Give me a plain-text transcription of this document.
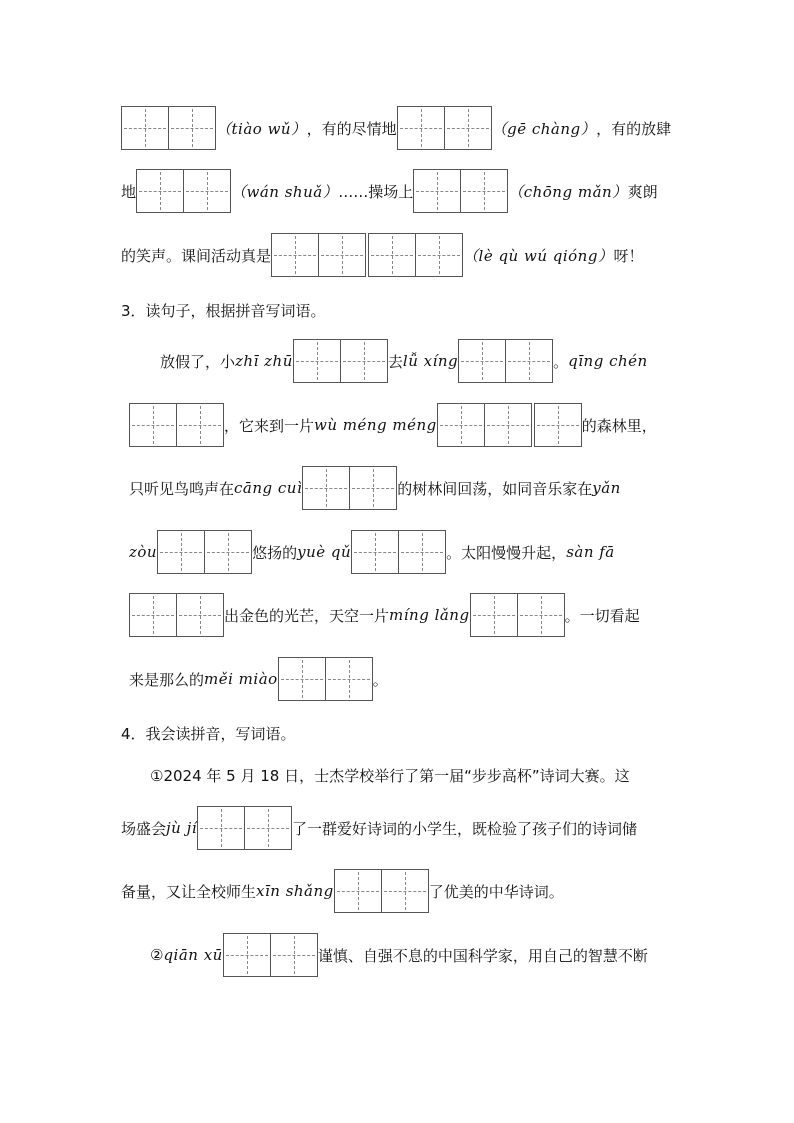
（tiào wǔ） ，有的尽情地	（gē chàng） ，有的放肆
地	（wán shuǎ） ……操场上	（chōng mǎn） 爽朗
的笑声。课间活动真是	（lè qù wú qióng） 呀！
3．读句子，根据拼音写词语。
放假了，小 zhī zhū	去 lǚ xíng	。 qīng chén
，它来到一片 wù méng méng	的森林里，
只听见鸟鸣声在 cāng cuì	的树林间回荡，如同音乐家在 yǎn
zòu	悠扬的 yuè qǔ	。太阳慢慢升起， sàn fā
出金色的光芒，天空一片 míng lǎng	。一切看起
来是那么的 měi miào	。
4．我会读拼音，写词语。
①2024 年 5 月 18 日，士杰学校举行了第一届“步步高杯”诗词大赛。这
场盛会 jù jí	了一群爱好诗词的小学生，既检验了孩子们的诗词储
备量，又让全校师生 xīn shǎng	了优美的中华诗词。
② qiān xū	谨慎、自强不息的中国科学家，用自己的智慧不断
